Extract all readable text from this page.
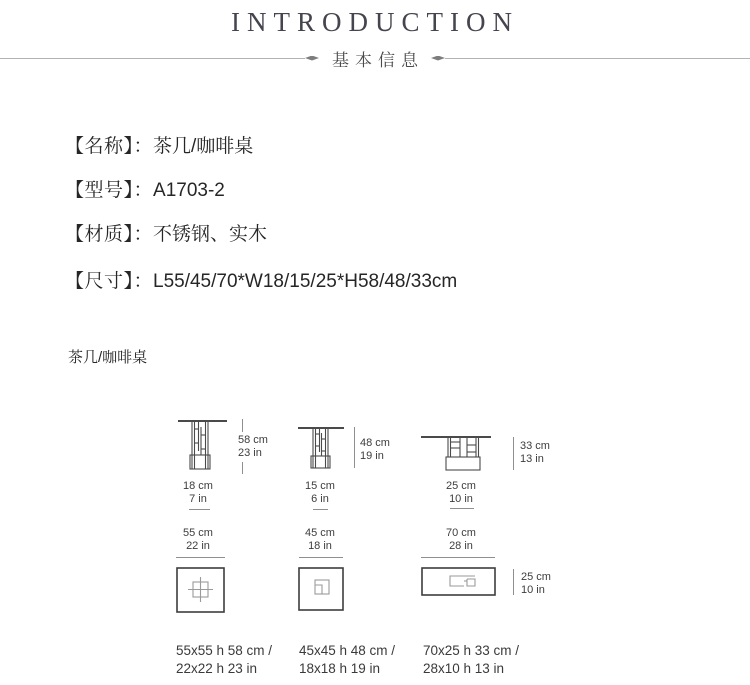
INTRODUCTION
基本信息
【名称】：茶几/咖啡桌
【型号】：A1703-2
【材质】：不锈钢、实木
【尺寸】：L55/45/70*W18/15/25*H58/48/33cm
茶几/咖啡桌
58 cm
23 in
18 cm
7 in
55 cm
22 in
55x55 h 58 cm /
22x22 h 23 in
48 cm
19 in
15 cm
6 in
45 cm
18 in
45x45 h 48 cm /
18x18 h 19 in
33 cm
13 in
25 cm
10 in
70 cm
28 in
25 cm
10 in
70x25 h 33 cm /
28x10 h 13 in
